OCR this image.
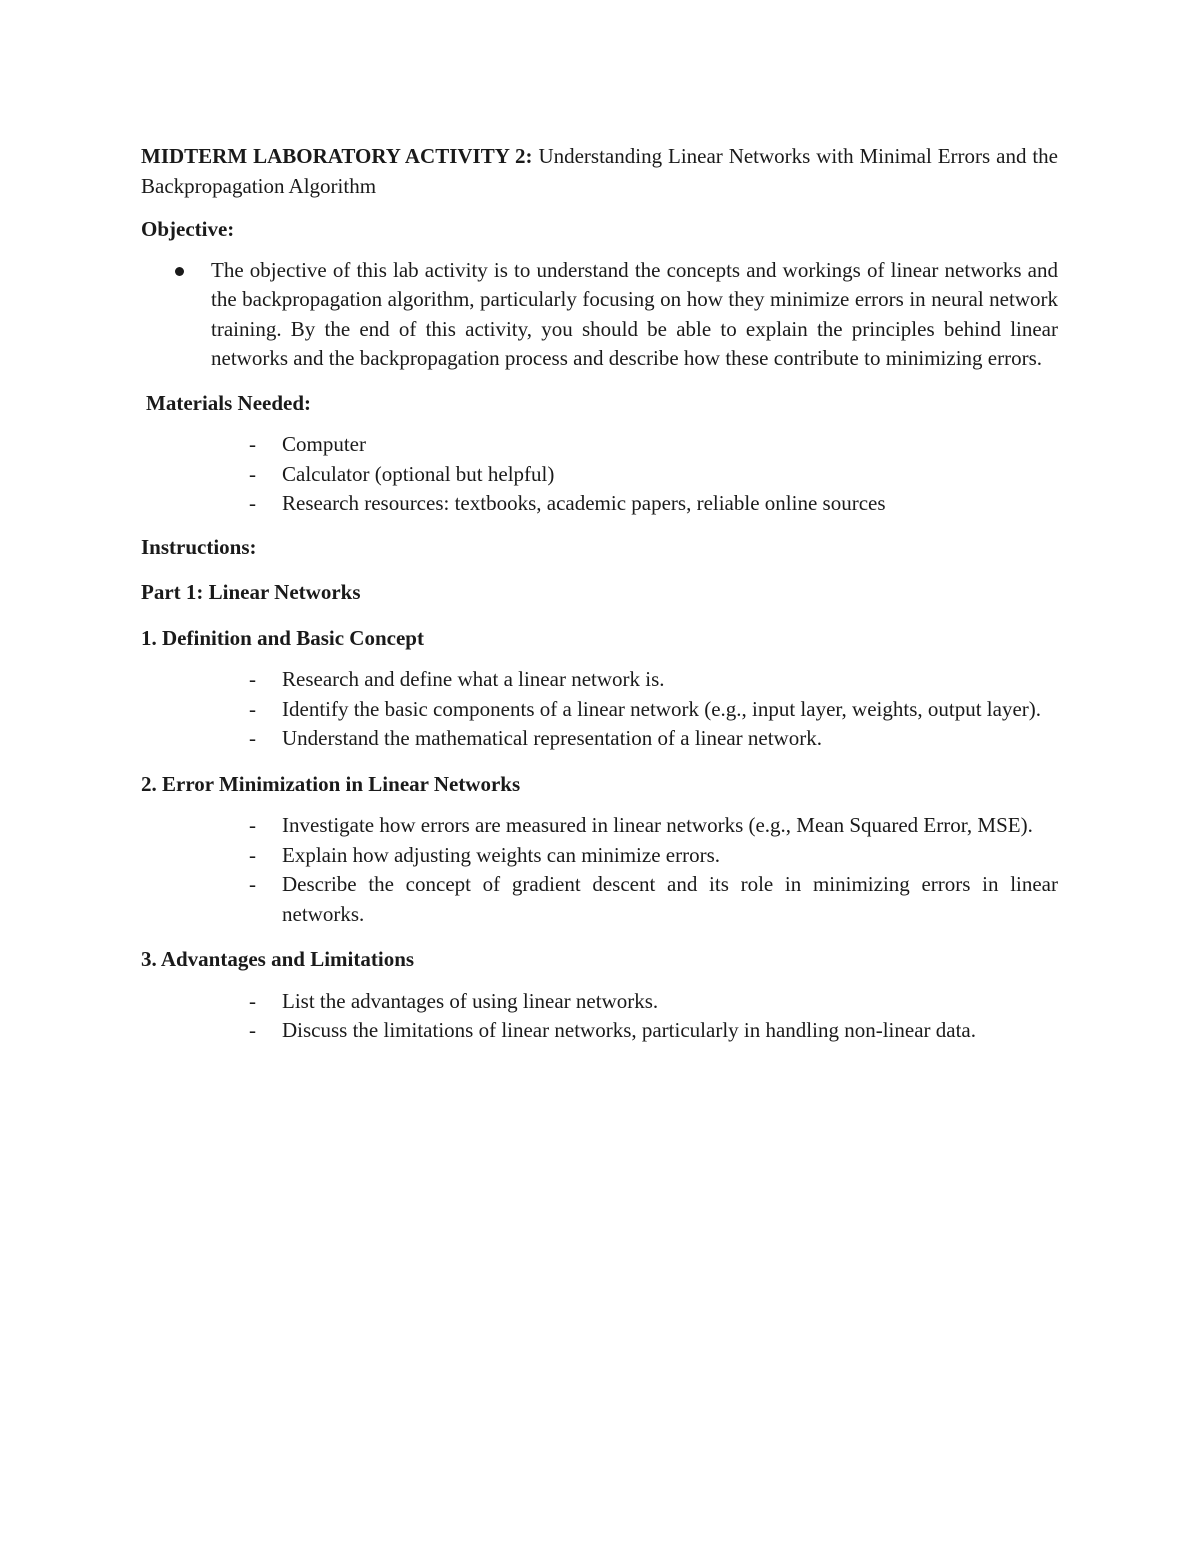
MIDTERM LABORATORY ACTIVITY 2: Understanding Linear Networks with Minimal Errors and the Backpropagation Algorithm

Objective:

The objective of this lab activity is to understand the concepts and workings of linear networks and the backpropagation algorithm, particularly focusing on how they minimize errors in neural network training. By the end of this activity, you should be able to explain the principles behind linear networks and the backpropagation process and describe how these contribute to minimizing errors.

Materials Needed:

- Computer
- Calculator (optional but helpful)
- Research resources: textbooks, academic papers, reliable online sources

Instructions:

Part 1: Linear Networks

1. Definition and Basic Concept

- Research and define what a linear network is.
- Identify the basic components of a linear network (e.g., input layer, weights, output layer).
- Understand the mathematical representation of a linear network.

2. Error Minimization in Linear Networks

- Investigate how errors are measured in linear networks (e.g., Mean Squared Error, MSE).
- Explain how adjusting weights can minimize errors.
- Describe the concept of gradient descent and its role in minimizing errors in linear networks.

3. Advantages and Limitations

- List the advantages of using linear networks.
- Discuss the limitations of linear networks, particularly in handling non-linear data.
